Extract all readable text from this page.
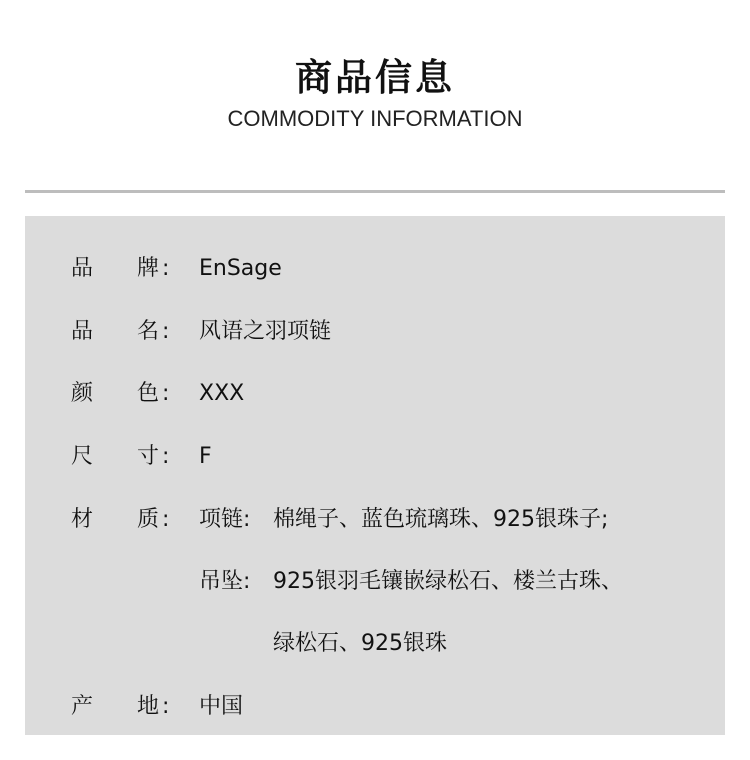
商品信息
COMMODITY INFORMATION
品 牌 : EnSage
品 名 : 风语之羽项链
颜 色 : XXX
尺 寸 : F
材 质 : 项链: 棉绳子、蓝色琉璃珠、925银珠子;
吊坠: 925银羽毛镶嵌绿松石、楼兰古珠、
绿松石、925银珠
产 地 : 中国
